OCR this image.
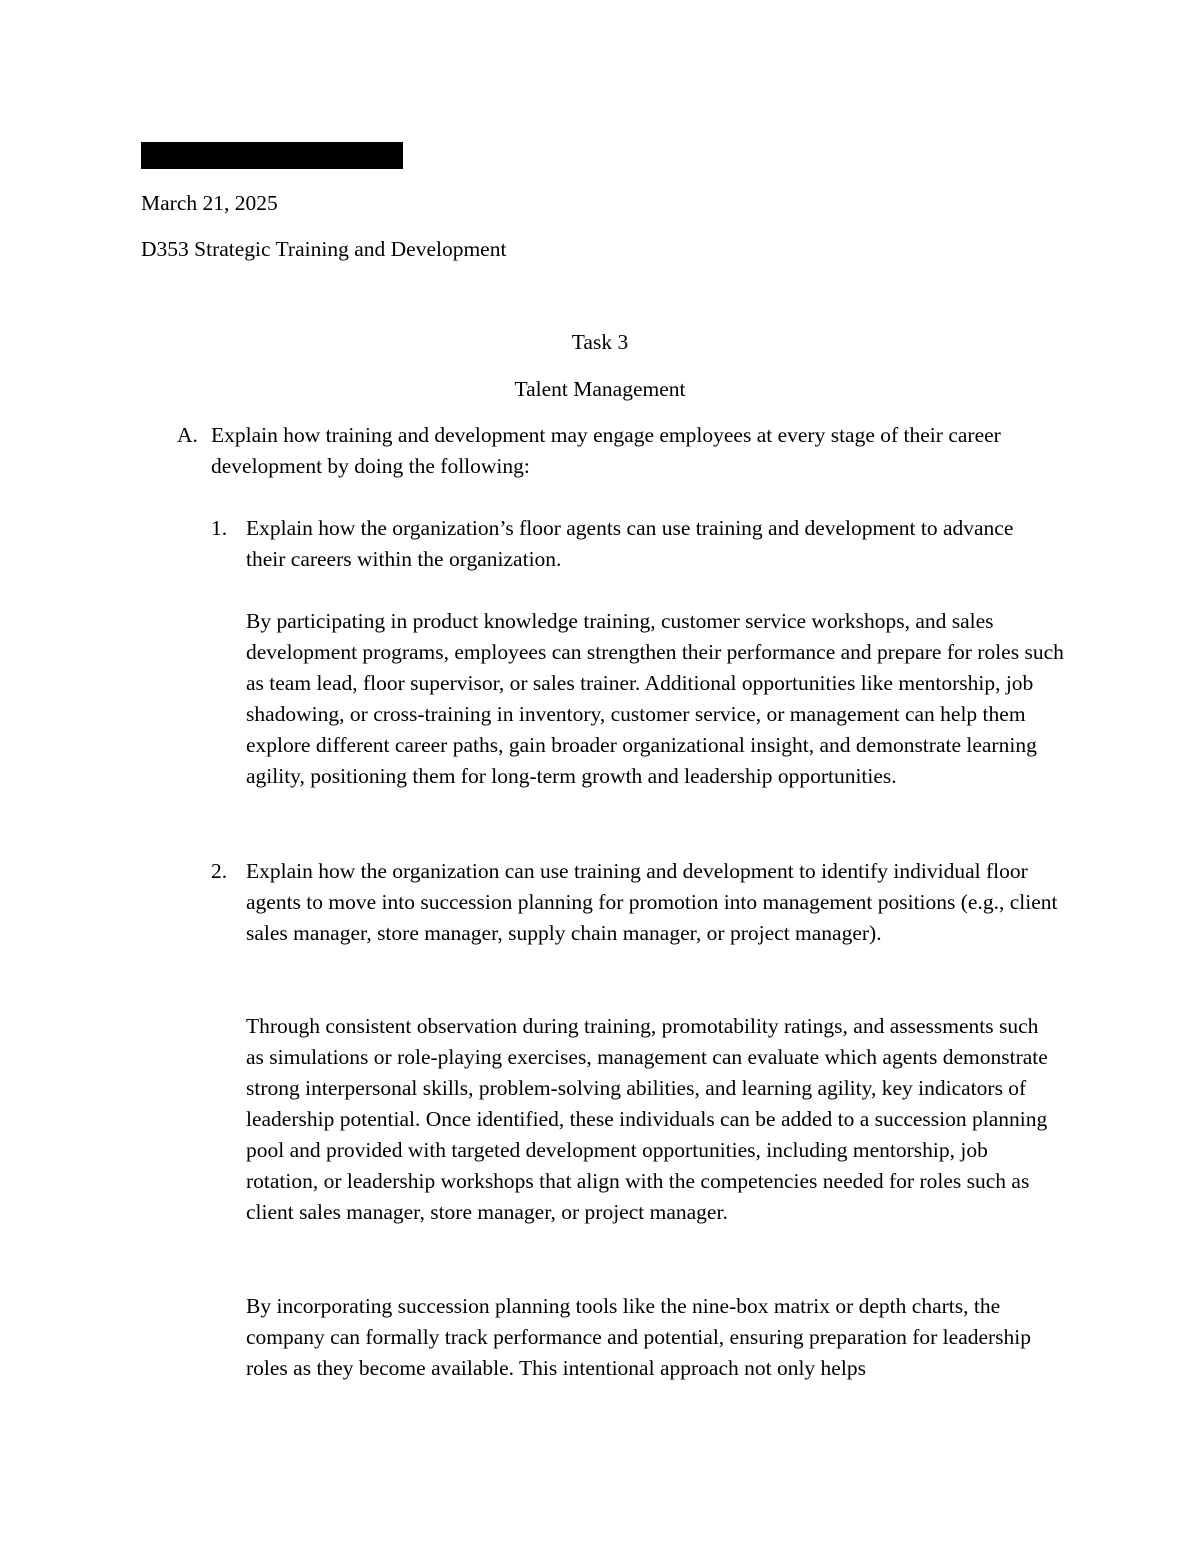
March 21, 2025

D353 Strategic Training and Development

Task 3

Talent Management

A. Explain how training and development may engage employees at every stage of their career development by doing the following:

1. Explain how the organization’s floor agents can use training and development to advance their careers within the organization.

By participating in product knowledge training, customer service workshops, and sales development programs, employees can strengthen their performance and prepare for roles such as team lead, floor supervisor, or sales trainer. Additional opportunities like mentorship, job shadowing, or cross-training in inventory, customer service, or management can help them explore different career paths, gain broader organizational insight, and demonstrate learning agility, positioning them for long-term growth and leadership opportunities.

2. Explain how the organization can use training and development to identify individual floor agents to move into succession planning for promotion into management positions (e.g., client sales manager, store manager, supply chain manager, or project manager).

Through consistent observation during training, promotability ratings, and assessments such as simulations or role-playing exercises, management can evaluate which agents demonstrate strong interpersonal skills, problem-solving abilities, and learning agility, key indicators of leadership potential. Once identified, these individuals can be added to a succession planning pool and provided with targeted development opportunities, including mentorship, job rotation, or leadership workshops that align with the competencies needed for roles such as client sales manager, store manager, or project manager.

By incorporating succession planning tools like the nine-box matrix or depth charts, the company can formally track performance and potential, ensuring preparation for leadership roles as they become available. This intentional approach not only helps
